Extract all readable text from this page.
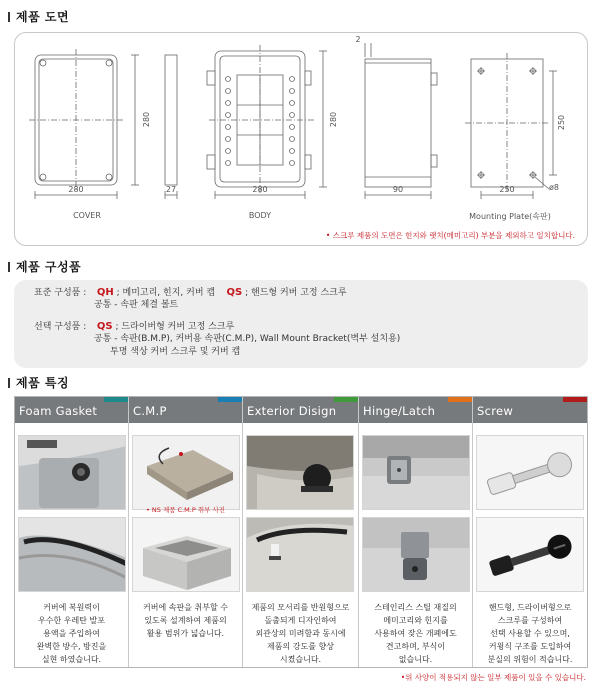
제품 도면
280
280
27
COVER
280
280
BODY
2
90	250
250
ø8
Mounting Plate(속판)
• 스크루 제품의 도면은 힌지와 랫치(메미고리) 부분을 제외하고 일치합니다.
제품 구성품
표준 구성품 : QH ; 메미고리, 힌지, 커버 캡 QS ; 핸드형 커버 고정 스크루
공통 - 속판 체결 볼트
선택 구성품 : QS ; 드라이버형 커버 고정 스크루
공통 - 속판(B.M.P), 커버용 속판(C.M.P), Wall Mount Bracket(벽부 설치용)
투명 색상 커버 스크루 및 커버 캡
제품 특징
Foam Gasket
커버에 복원력이
우수한 우레탄 발포
용액을 주입하여
완벽한 방수, 방진을
실현 하였습니다.
C.M.P
• NS 제품 C.M.P 취부 사진
커버에 속판을 취부할 수
있도록 설계하여 제품의
활용 범위가 넓습니다.
Exterior Disign
제품의 모서리를 반원형으로
돌출되게 디자인하여
외관상의 미려함과 동시에
제품의 강도를 향상
시켰습니다.
Hinge/Latch
스테인리스 스틸 재질의
메미고리와 힌지를
사용하여 잦은 개폐에도
견고하며, 부식이
없습니다.
Screw
핸드형, 드라이버형으로
스크루를 구성하여
선택 사용할 수 있으며,
커윙식 구조를 도입하여
분실의 위험이 적습니다.
•위 사양이 적용되지 않는 일부 제품이 있을 수 있습니다.
